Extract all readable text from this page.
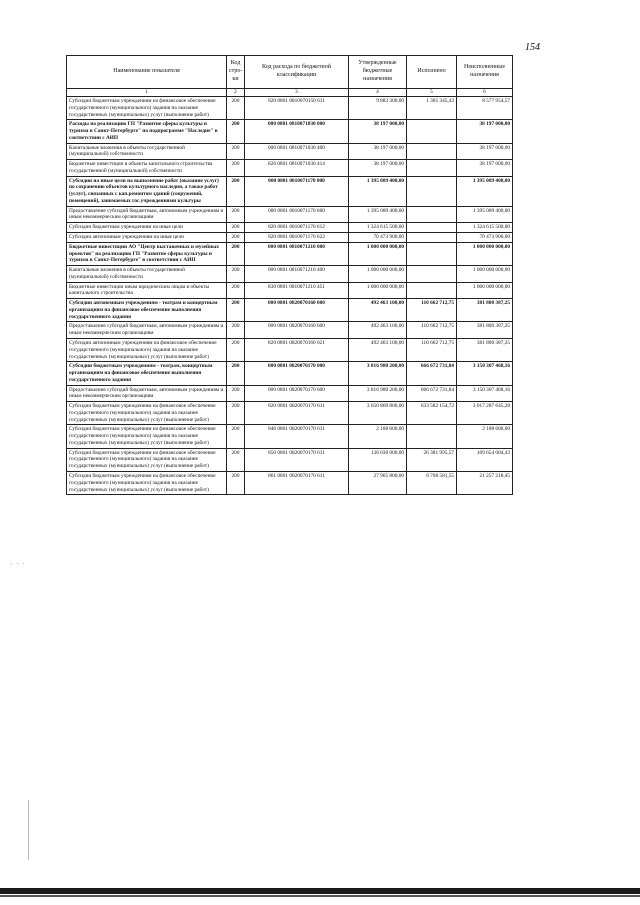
154
· · ·
Наименование показателя	Код стро-ки	Код расхода по бюджетной классификации	Утвержденные бюджетные назначения	Исполнено	Неисполненные назначения
1	2	3	4	5	6
Субсидии бюджетным учреждениям на финансовое обеспечение государственного (муниципального) задания на оказание государственных (муниципальных) услуг (выполнение работ)	200	820 0801 0810070150 611	9 883 300,00	1 305 345,43	8 577 954,57
Расходы на реализацию ГП "Развитие сферы культуры и туризма в Санкт-Петербурге" по подпрограмме "Наследие" в соответствии с АИП	200	000 0801 0810071030 000	38 197 000,00		38 197 000,00
Капитальные вложения в объекты государственной (муниципальной) собственности	200	000 0801 0810071030 400	38 197 000,00		38 197 000,00
Бюджетные инвестиции в объекты капитального строительства государственной (муниципальной) собственности	200	826 0801 0810071030 414	38 197 000,00		38 197 000,00
Субсидии на иные цели на выполнение работ (оказание услуг) по сохранению объектов культурного наследия, а также работ (услуг), связанных с кап.ремонтом зданий (сооружений, помещений), занимаемых гос.учреждениями культуры	200	000 0801 0810071170 000	1 395 089 400,00		1 395 089 400,00
Предоставление субсидий бюджетным, автономным учреждениям и иным некоммерческим организациям	200	000 0801 0810071170 600	1 395 089 400,00		1 395 089 400,00
Субсидии бюджетным учреждениям на иные цели	200	820 0801 0810071170 612	1 324 615 500,00		1 324 615 500,00
Субсидии автономным учреждениям на иные цели	200	820 0801 0810071170 622	70 473 900,00		70 473 900,00
Бюджетные инвестиции АО "Центр выставочных и музейных проектов" на реализацию ГП "Развитие сферы культуры и туризма в Санкт-Петербурге" в соответствии с АИП	200	000 0801 0810071210 000	1 000 000 000,00		1 000 000 000,00
Капитальные вложения в объекты государственной (муниципальной) собственности	200	000 0801 0810071210 400	1 000 000 000,00		1 000 000 000,00
Бюджетные инвестиции иным юридическим лицам в объекты капитального строительства	200	830 0801 0810071210 451	1 000 000 000,00		1 000 000 000,00
Субсидии автономным учреждениям - театрам и концертным организациям на финансовое обеспечение выполнения государственного задания	200	000 0801 0820070160 000	492 463 100,00	110 662 712,75	381 800 387,25
Предоставление субсидий бюджетным, автономным учреждениям и иным некоммерческим организациям	200	000 0801 0820070160 600	492 463 100,00	110 662 712,75	381 800 387,25
Субсидии автономным учреждениям на финансовое обеспечение государственного (муниципального) задания на оказание государственных (муниципальных) услуг (выполнение работ)	200	820 0801 0820070160 621	492 463 100,00	110 662 712,75	381 800 387,25
Субсидии бюджетным учреждениям - театрам, концертным организациям на финансовое обеспечение выполнения государственного задания	200	000 0801 0820070170 000	3 816 980 200,00	666 672 731,84	3 150 307 468,16
Предоставление субсидий бюджетным, автономным учреждениям и иным некоммерческим организациям	200	000 0801 0820070170 600	3 816 980 200,00	666 672 731,84	3 150 307 468,16
Субсидии бюджетным учреждениям на финансовое обеспечение государственного (муниципального) задания на оказание государственных (муниципальных) услуг (выполнение работ)	200	820 0801 0820070170 611	3 650 869 800,00	633 582 154,72	3 017 287 645,28
Субсидии бюджетным учреждениям на финансовое обеспечение государственного (муниципального) задания на оказание государственных (муниципальных) услуг (выполнение работ)	200	846 0801 0820070170 611	2 108 600,00		2 108 600,00
Субсидии бюджетным учреждениям на финансовое обеспечение государственного (муниципального) задания на оказание государственных (муниципальных) услуг (выполнение работ)	200	850 0801 0820070170 611	136 036 000,00	26 381 995,57	109 654 004,43
Субсидии бюджетным учреждениям на финансовое обеспечение государственного (муниципального) задания на оказание государственных (муниципальных) услуг (выполнение работ)	200	861 0801 0820070170 611	27 965 800,00	6 708 581,55	21 257 218,45
